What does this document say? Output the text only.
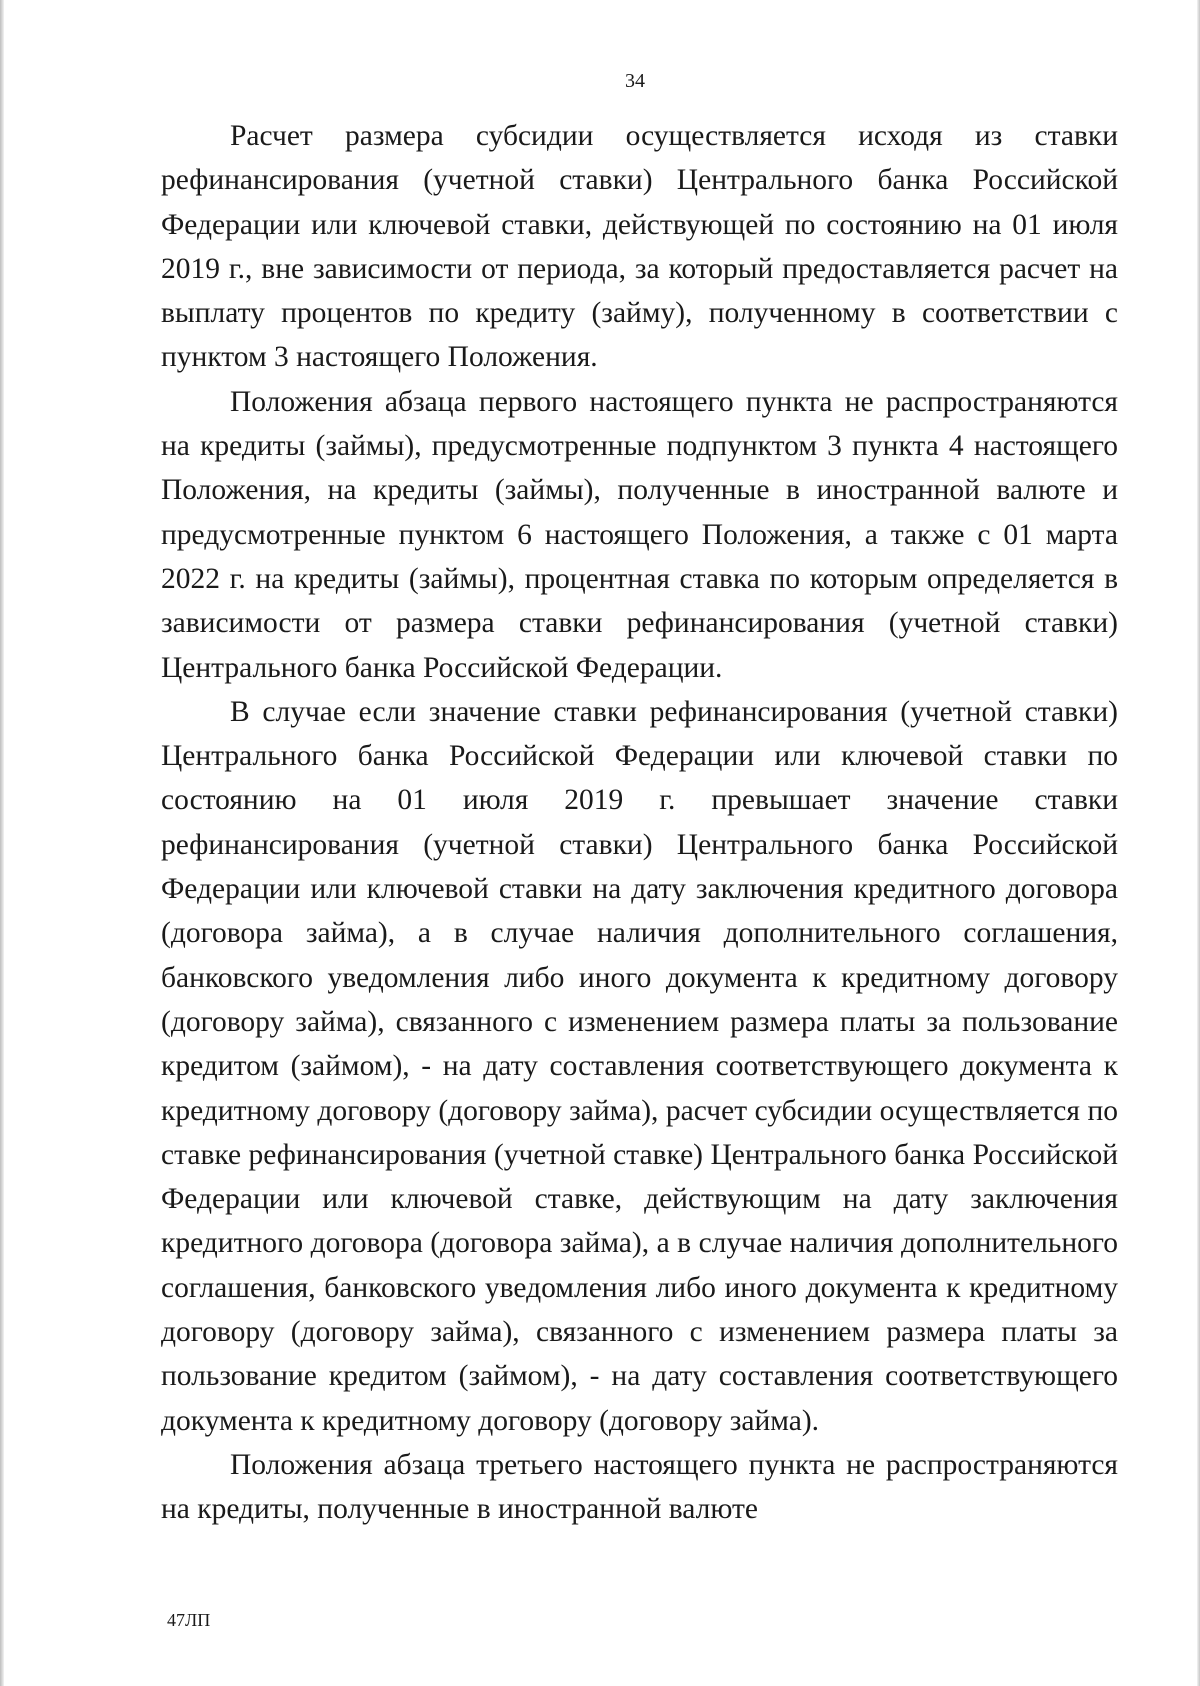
34

Расчет размера субсидии осуществляется исходя из ставки рефинансирования (учетной ставки) Центрального банка Российской Федерации или ключевой ставки, действующей по состоянию на 01 июля 2019 г., вне зависимости от периода, за который предоставляется расчет на выплату процентов по кредиту (займу), полученному в соответствии с пунктом 3 настоящего Положения.

Положения абзаца первого настоящего пункта не распространяются на кредиты (займы), предусмотренные подпунктом 3 пункта 4 настоящего Положения, на кредиты (займы), полученные в иностранной валюте и предусмотренные пунктом 6 настоящего Положения, а также с 01 марта 2022 г. на кредиты (займы), процентная ставка по которым определяется в зависимости от размера ставки рефинансирования (учетной ставки) Центрального банка Российской Федерации.

В случае если значение ставки рефинансирования (учетной ставки) Центрального банка Российской Федерации или ключевой ставки по состоянию на 01 июля 2019 г. превышает значение ставки рефинансирования (учетной ставки) Центрального банка Российской Федерации или ключевой ставки на дату заключения кредитного договора (договора займа), а в случае наличия дополнительного соглашения, банковского уведомления либо иного документа к кредитному договору (договору займа), связанного с изменением размера платы за пользование кредитом (займом), - на дату составления соответствующего документа к кредитному договору (договору займа), расчет субсидии осуществляется по ставке рефинансирования (учетной ставке) Центрального банка Российской Федерации или ключевой ставке, действующим на дату заключения кредитного договора (договора займа), а в случае наличия дополнительного соглашения, банковского уведомления либо иного документа к кредитному договору (договору займа), связанного с изменением размера платы за пользование кредитом (займом), - на дату составления соответствующего документа к кредитному договору (договору займа).

Положения абзаца третьего настоящего пункта не распространяются на кредиты, полученные в иностранной валюте

47ЛП
